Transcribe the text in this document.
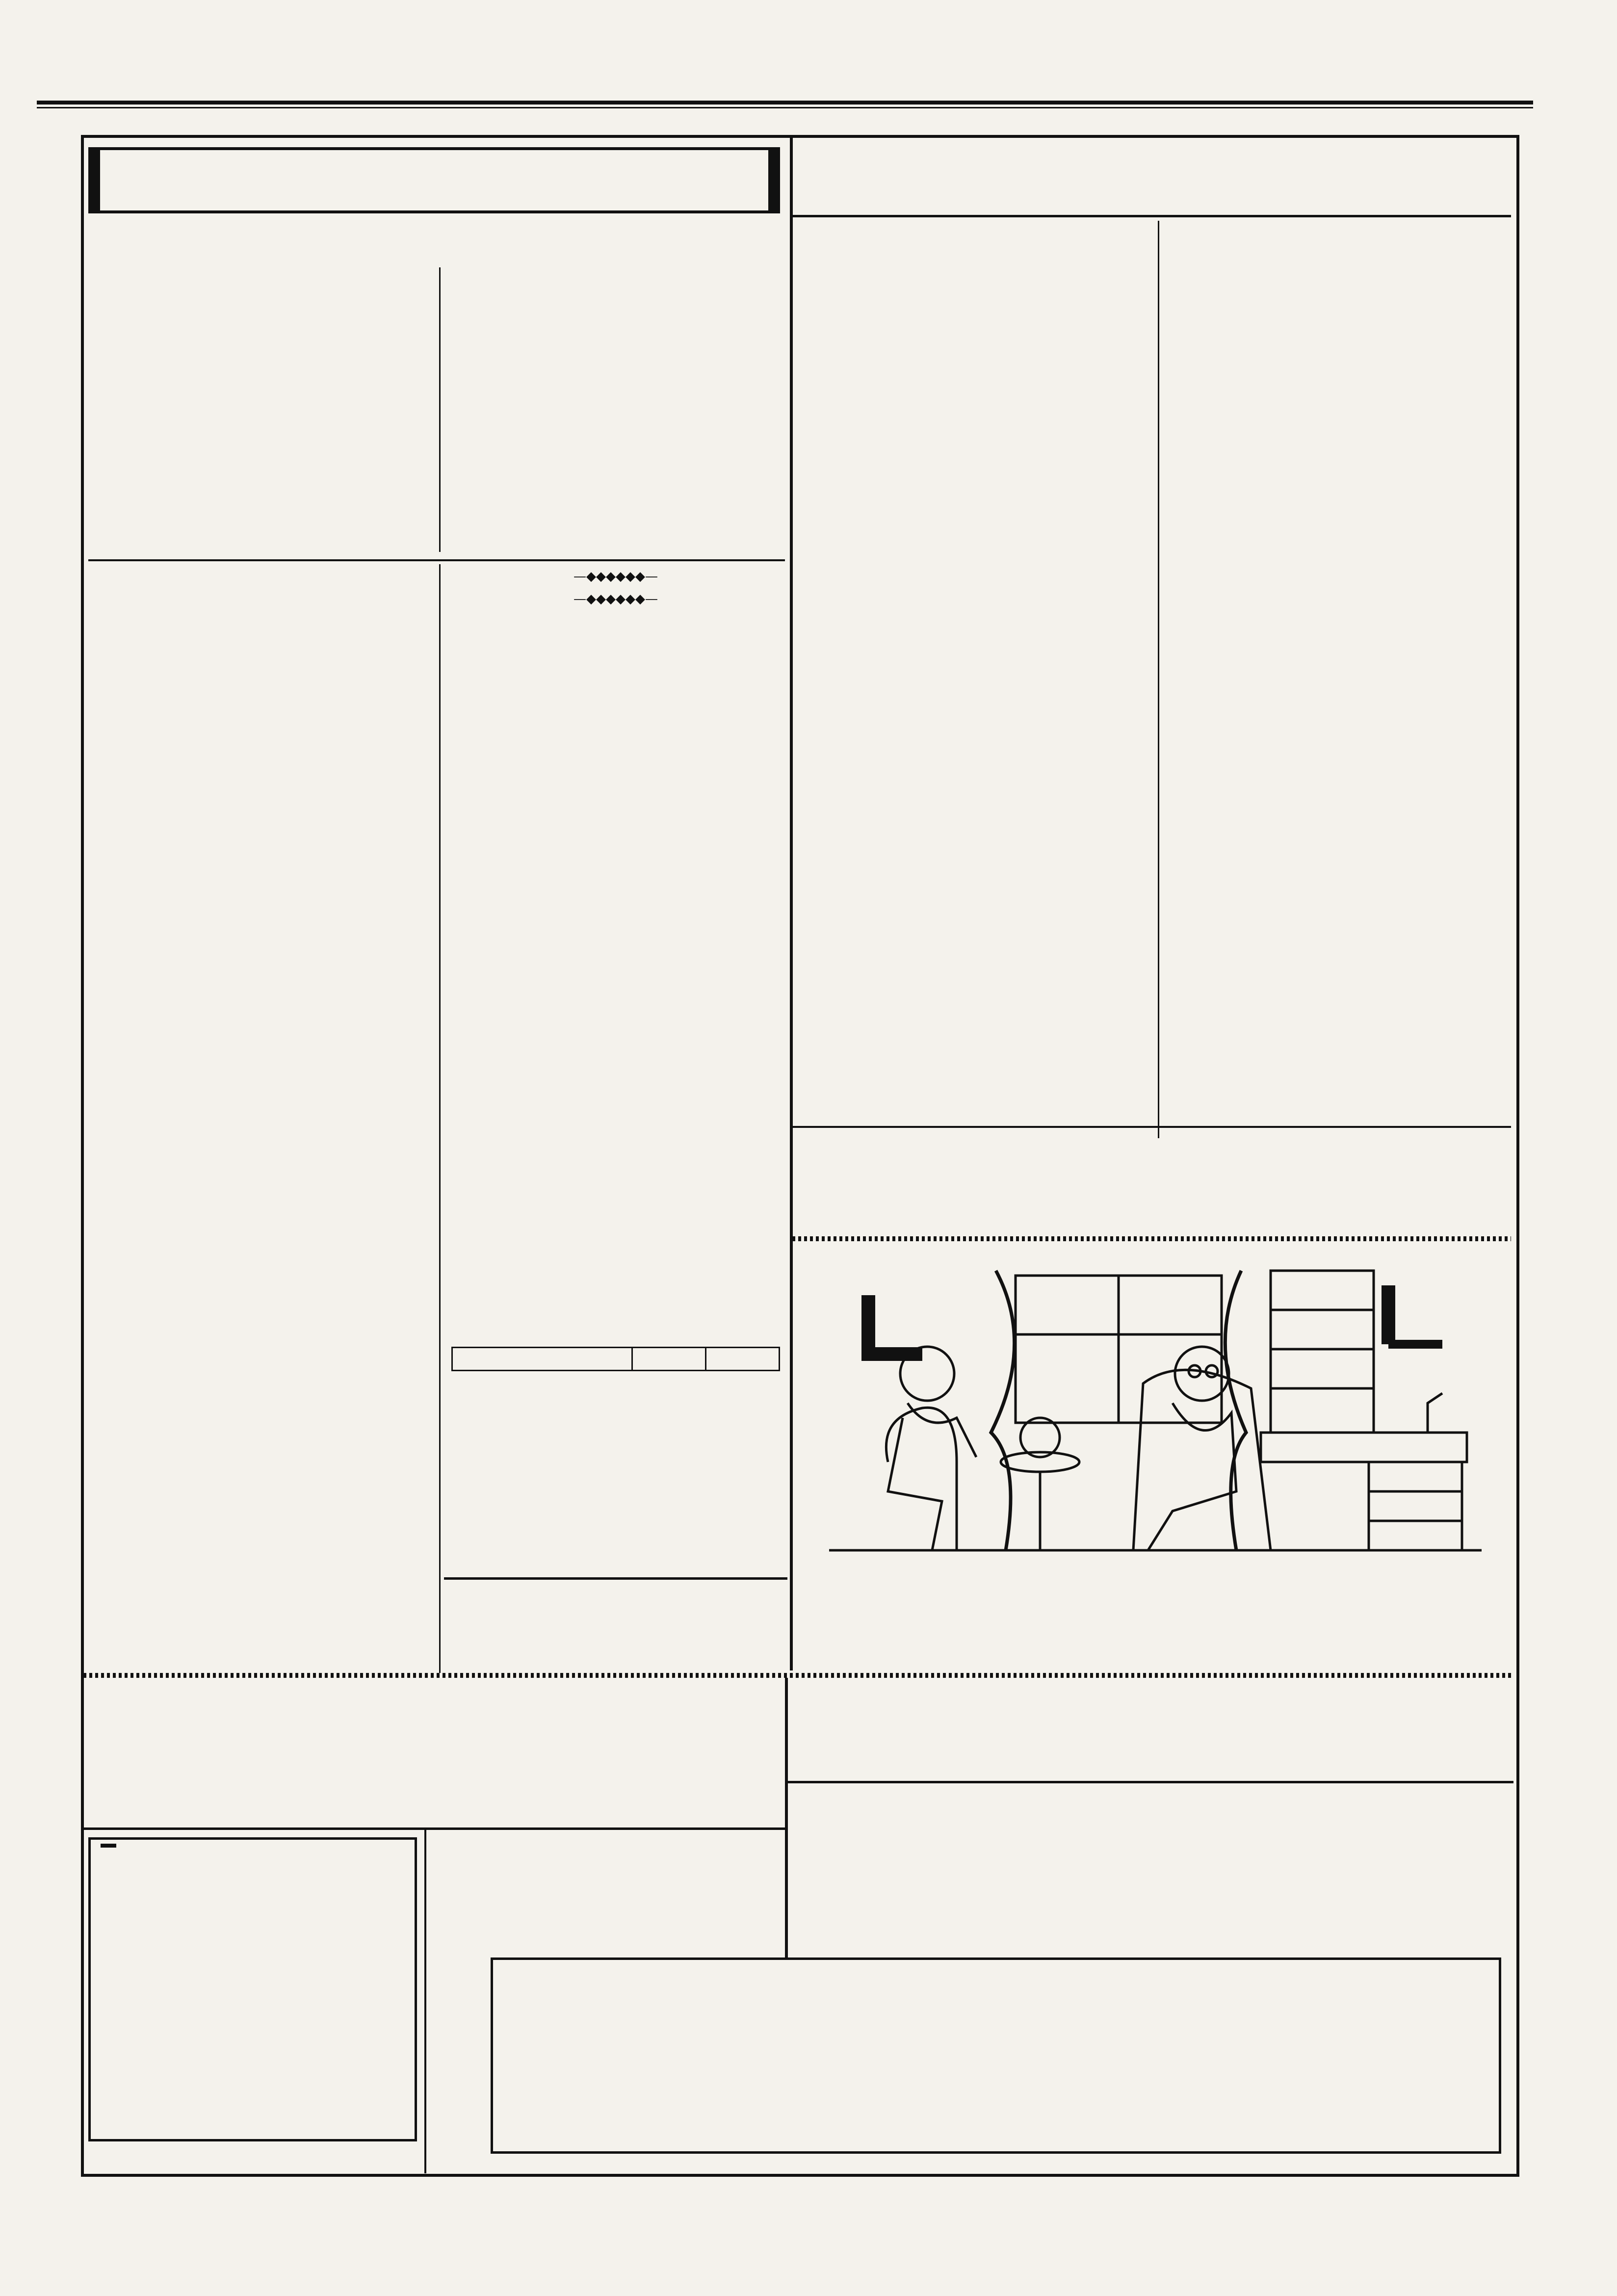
—◆◆◆◆◆◆—

—◆◆◆◆◆◆—
